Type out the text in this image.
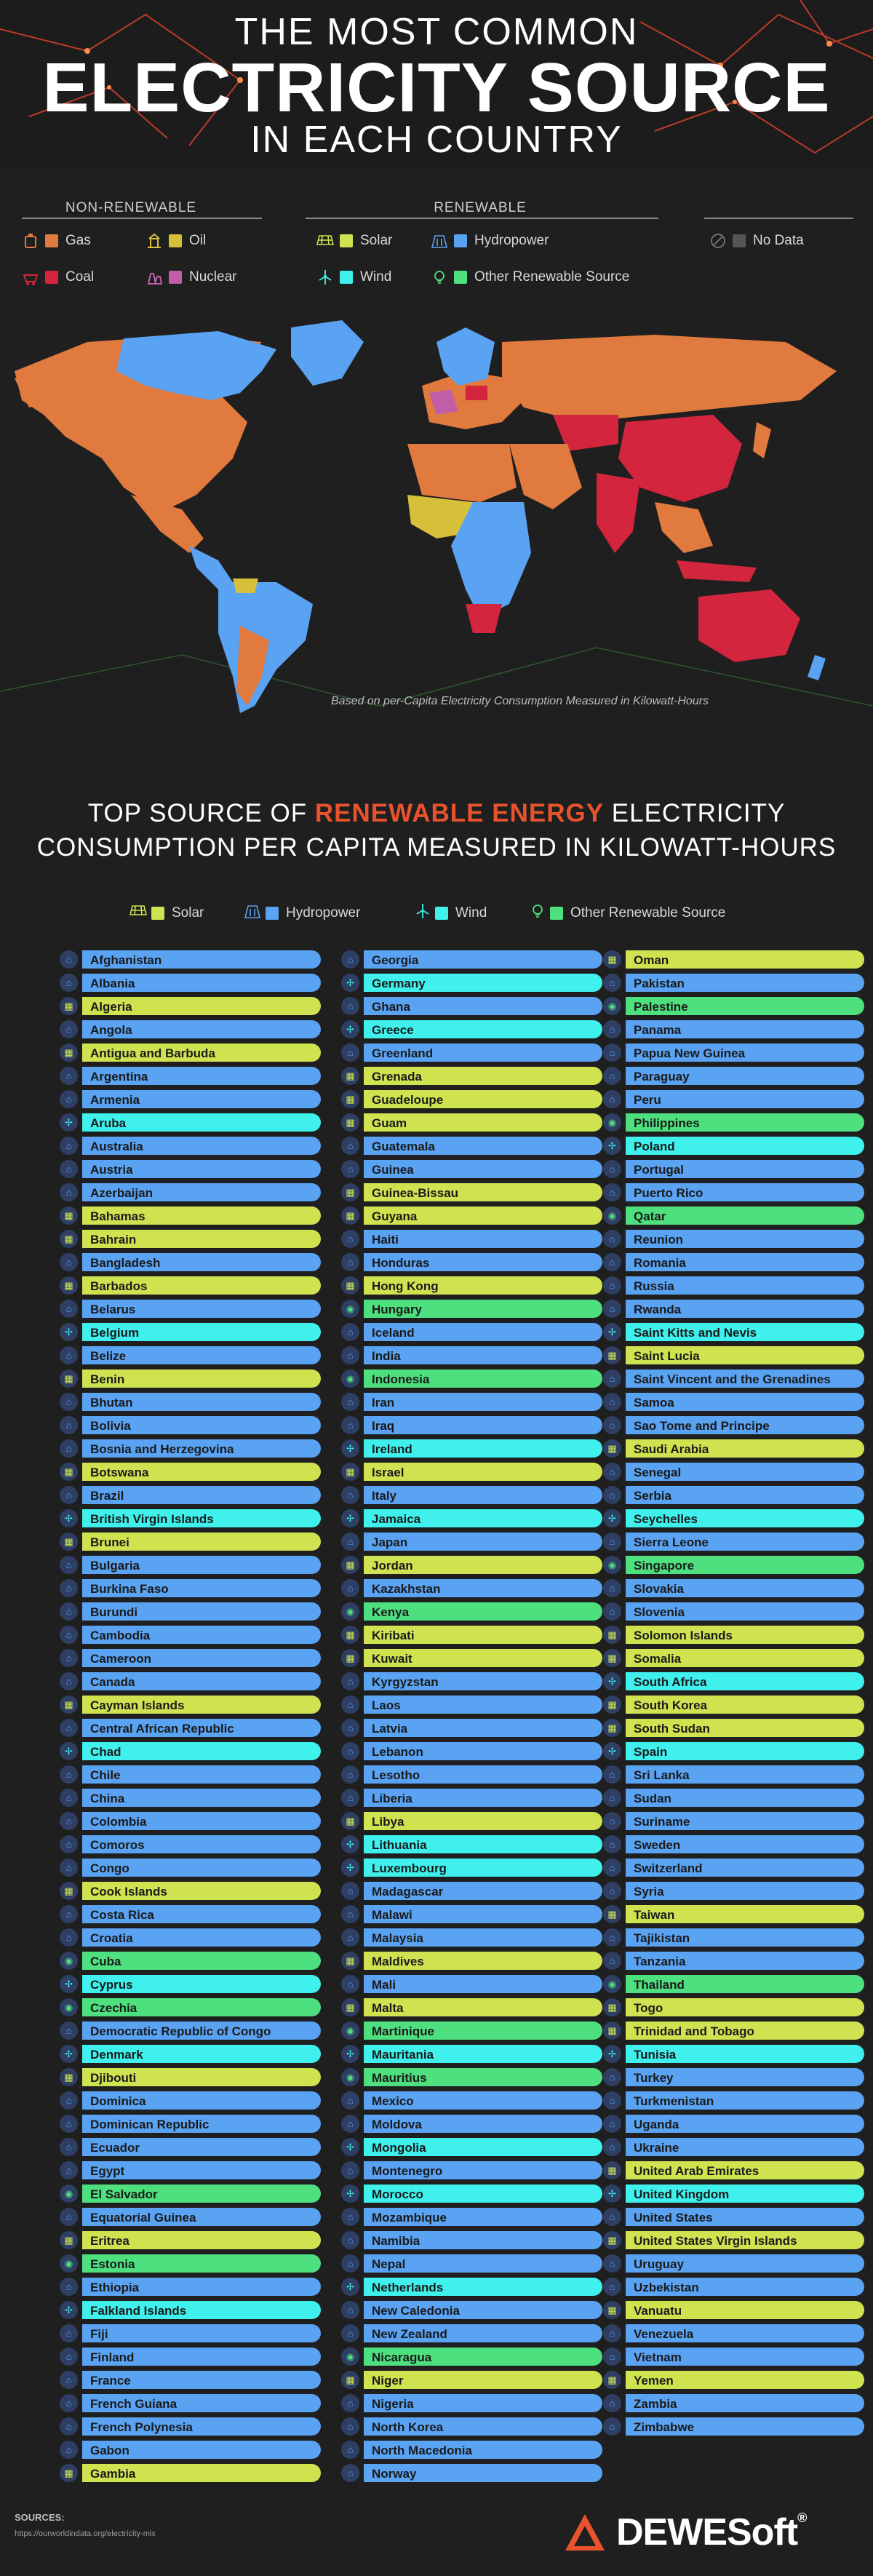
THE MOST COMMON
ELECTRICITY SOURCE
IN EACH COUNTRY
NON-RENEWABLE	RENEWABLE
Gas	Oil
Coal	Nuclear
Solar	Hydropower
Wind	Other Renewable Source
No Data
Based on per-Capita Electricity Consumption Measured in Kilowatt-Hours
TOP SOURCE OF RENEWABLE ENERGY ELECTRICITY
CONSUMPTION PER CAPITA MEASURED IN KILOWATT-HOURS
Solar	Hydropower	Wind	Other Renewable Source
⌂	Afghanistan
⌂	Albania
▦	Algeria
⌂	Angola
▦	Antigua and Barbuda
⌂	Argentina
⌂	Armenia
✢	Aruba
⌂	Australia
⌂	Austria
⌂	Azerbaijan
▦	Bahamas
▦	Bahrain
⌂	Bangladesh
▦	Barbados
⌂	Belarus
✢	Belgium
⌂	Belize
▦	Benin
⌂	Bhutan
⌂	Bolivia
⌂	Bosnia and Herzegovina
▦	Botswana
⌂	Brazil
✢	British Virgin Islands
▦	Brunei
⌂	Bulgaria
⌂	Burkina Faso
⌂	Burundi
⌂	Cambodia
⌂	Cameroon
⌂	Canada
▦	Cayman Islands
⌂	Central African Republic
✢	Chad
⌂	Chile
⌂	China
⌂	Colombia
⌂	Comoros
⌂	Congo
▦	Cook Islands
⌂	Costa Rica
⌂	Croatia
◉	Cuba
✢	Cyprus
◉	Czechia
⌂	Democratic Republic of Congo
✢	Denmark
▦	Djibouti
⌂	Dominica
⌂	Dominican Republic
⌂	Ecuador
⌂	Egypt
◉	El Salvador
⌂	Equatorial Guinea
▦	Eritrea
◉	Estonia
⌂	Ethiopia
✢	Falkland Islands
⌂	Fiji
⌂	Finland
⌂	France
⌂	French Guiana
⌂	French Polynesia
⌂	Gabon
▦	Gambia
⌂	Georgia
✢	Germany
⌂	Ghana
✢	Greece
⌂	Greenland
▦	Grenada
▦	Guadeloupe
▦	Guam
⌂	Guatemala
⌂	Guinea
▦	Guinea-Bissau
▦	Guyana
⌂	Haiti
⌂	Honduras
▦	Hong Kong
◉	Hungary
⌂	Iceland
⌂	India
◉	Indonesia
⌂	Iran
⌂	Iraq
✢	Ireland
▦	Israel
⌂	Italy
✢	Jamaica
⌂	Japan
▦	Jordan
⌂	Kazakhstan
◉	Kenya
▦	Kiribati
▦	Kuwait
⌂	Kyrgyzstan
⌂	Laos
⌂	Latvia
⌂	Lebanon
⌂	Lesotho
⌂	Liberia
▦	Libya
✢	Lithuania
✢	Luxembourg
⌂	Madagascar
⌂	Malawi
⌂	Malaysia
▦	Maldives
⌂	Mali
▦	Malta
◉	Martinique
✢	Mauritania
◉	Mauritius
⌂	Mexico
⌂	Moldova
✢	Mongolia
⌂	Montenegro
✢	Morocco
⌂	Mozambique
⌂	Namibia
⌂	Nepal
✢	Netherlands
⌂	New Caledonia
⌂	New Zealand
◉	Nicaragua
▦	Niger
⌂	Nigeria
⌂	North Korea
⌂	North Macedonia
⌂	Norway
▦	Oman
⌂	Pakistan
◉	Palestine
⌂	Panama
⌂	Papua New Guinea
⌂	Paraguay
⌂	Peru
◉	Philippines
✢	Poland
⌂	Portugal
⌂	Puerto Rico
◉	Qatar
⌂	Reunion
⌂	Romania
⌂	Russia
⌂	Rwanda
✢	Saint Kitts and Nevis
▦	Saint Lucia
⌂	Saint Vincent and the Grenadines
⌂	Samoa
⌂	Sao Tome and Principe
▦	Saudi Arabia
⌂	Senegal
⌂	Serbia
✢	Seychelles
⌂	Sierra Leone
◉	Singapore
⌂	Slovakia
⌂	Slovenia
▦	Solomon Islands
▦	Somalia
✢	South Africa
▦	South Korea
▦	South Sudan
✢	Spain
⌂	Sri Lanka
⌂	Sudan
⌂	Suriname
⌂	Sweden
⌂	Switzerland
⌂	Syria
▦	Taiwan
⌂	Tajikistan
⌂	Tanzania
◉	Thailand
▦	Togo
▦	Trinidad and Tobago
✢	Tunisia
⌂	Turkey
⌂	Turkmenistan
⌂	Uganda
⌂	Ukraine
▦	United Arab Emirates
✢	United Kingdom
⌂	United States
▦	United States Virgin Islands
⌂	Uruguay
⌂	Uzbekistan
▦	Vanuatu
⌂	Venezuela
⌂	Vietnam
▦	Yemen
⌂	Zambia
⌂	Zimbabwe
SOURCES:
https://ourworldindata.org/electricity-mix	DEWESoft®
